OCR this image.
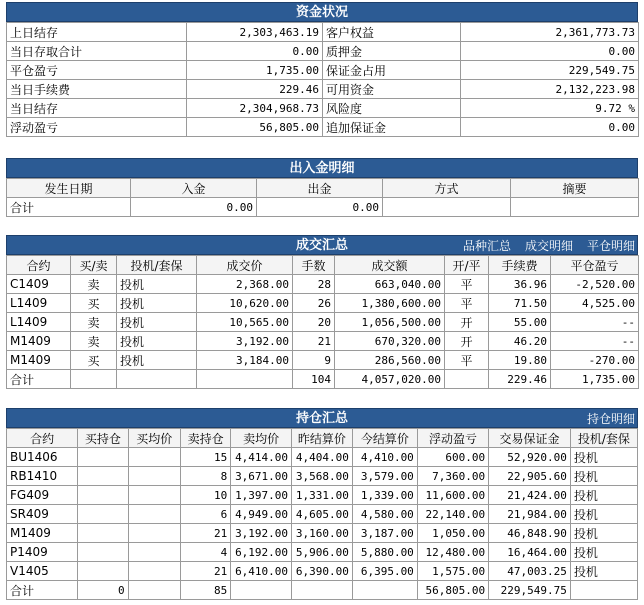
资金状况
上日结存	2,303,463.19	客户权益	2,361,773.73
当日存取合计	0.00	质押金	0.00
平仓盈亏	1,735.00	保证金占用	229,549.75
当日手续费	229.46	可用资金	2,132,223.98
当日结存	2,304,968.73	风险度	9.72 %
浮动盈亏	56,805.00	追加保证金	0.00
出入金明细
发生日期	入金	出金	方式	摘要
合计	0.00	0.00		
成交汇总	品种汇总 成交明细 平仓明细
合约	买/卖	投机/套保	成交价	手数	成交额	开/平	手续费	平仓盈亏
C1409	卖	投机	2,368.00	28	663,040.00	平	36.96	-2,520.00
L1409	买	投机	10,620.00	26	1,380,600.00	平	71.50	4,525.00
L1409	卖	投机	10,565.00	20	1,056,500.00	开	55.00	--
M1409	卖	投机	3,192.00	21	670,320.00	开	46.20	--
M1409	买	投机	3,184.00	9	286,560.00	平	19.80	-270.00
合计				104	4,057,020.00		229.46	1,735.00
持仓汇总	持仓明细
合约	买持仓	买均价	卖持仓	卖均价	昨结算价	今结算价	浮动盈亏	交易保证金	投机/套保
BU1406			15	4,414.00	4,404.00	4,410.00	600.00	52,920.00	投机
RB1410			8	3,671.00	3,568.00	3,579.00	7,360.00	22,905.60	投机
FG409			10	1,397.00	1,331.00	1,339.00	11,600.00	21,424.00	投机
SR409			6	4,949.00	4,605.00	4,580.00	22,140.00	21,984.00	投机
M1409			21	3,192.00	3,160.00	3,187.00	1,050.00	46,848.90	投机
P1409			4	6,192.00	5,906.00	5,880.00	12,480.00	16,464.00	投机
V1405			21	6,410.00	6,390.00	6,395.00	1,575.00	47,003.25	投机
合计	0		85				56,805.00	229,549.75	
